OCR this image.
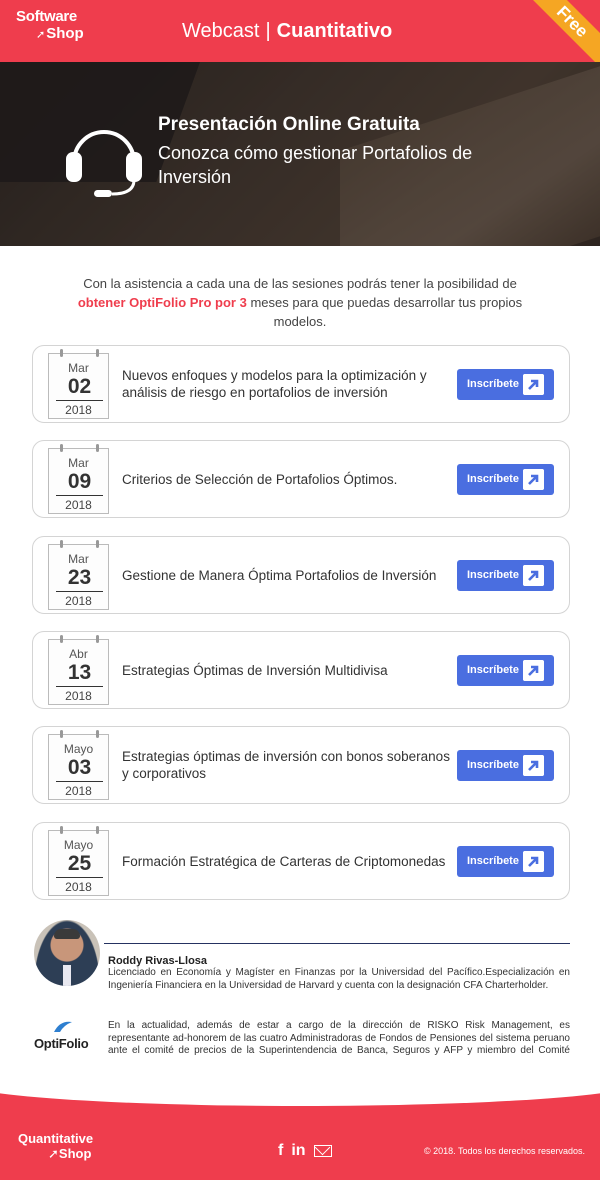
Software
➚Shop	Webcast | Cuantitativo	Free
Presentación Online Gratuita
Conozca cómo gestionar Portafolios de Inversión
Con la asistencia a cada una de las sesiones podrás tener la posibilidad de obtener OptiFolio Pro por 3 meses para que puedas desarrollar tus propios modelos.
Mar
02
2018
Nuevos enfoques y modelos para la optimización y análisis de riesgo en portafolios de inversión
Inscríbete
Mar
09
2018
Criterios de Selección de Portafolios Óptimos.	Inscríbete
Mar
23
2018
Gestione de Manera Óptima Portafolios de Inversión	Inscríbete
Abr
13
2018
Estrategias Óptimas de Inversión Multidivisa	Inscríbete
Mayo
03
2018
Estrategias óptimas de inversión con bonos soberanos y corporativos
Inscríbete
Mayo
25
2018
Formación Estratégica de Carteras de Criptomonedas	Inscríbete
Roddy Rivas-Llosa
Licenciado en Economía y Magíster en Finanzas por la Universidad del Pacífico.Especialización en Ingeniería Financiera en la Universidad de Harvard y cuenta con la designación CFA Charterholder.
OptiFolio
En la actualidad, además de estar a cargo de la dirección de RISKO Risk Management, es representante ad-honorem de las cuatro Administradoras de Fondos de Pensiones del sistema peruano ante el comité de precios de la Superintendencia de Banca, Seguros y AFP y miembro del Comité
Quantitative
➚Shop	f in	© 2018. Todos los derechos reservados.
